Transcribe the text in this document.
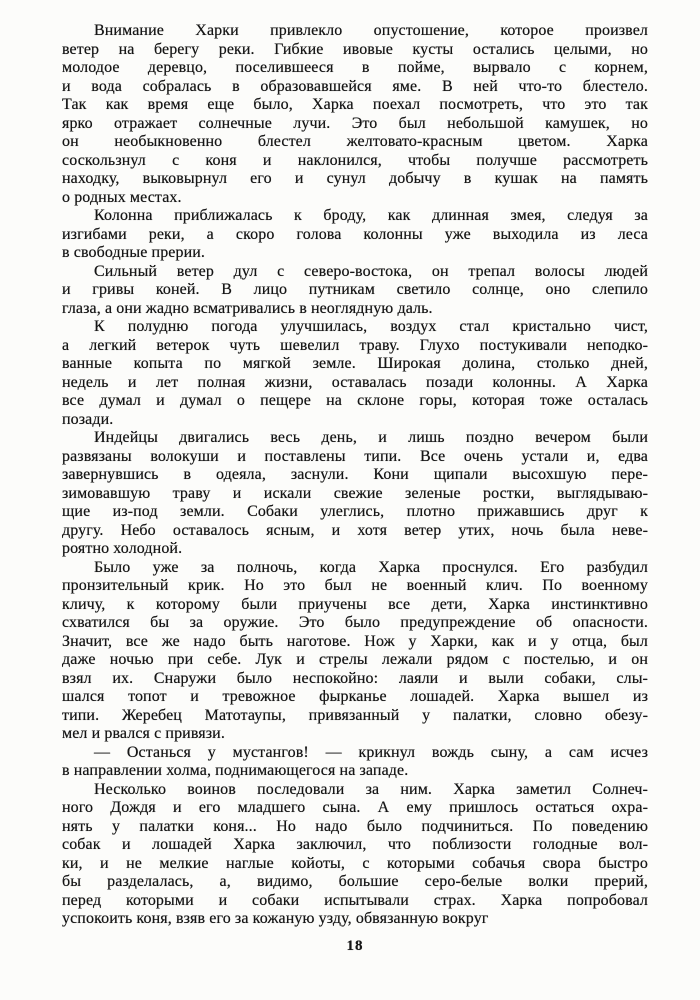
Внимание Харки привлекло опустошение, которое произвел
ветер на берегу реки. Гибкие ивовые кусты остались целыми, но
молодое деревцо, поселившееся в пойме, вырвало с корнем,
и вода собралась в образовавшейся яме. В ней что-то блестело.
Так как время еще было, Харка поехал посмотреть, что это так
ярко отражает солнечные лучи. Это был небольшой камушек, но
он необыкновенно блестел желтовато-красным цветом. Харка
соскользнул с коня и наклонился, чтобы получше рассмотреть
находку, выковырнул его и сунул добычу в кушак на память
о родных местах.
Колонна приближалась к броду, как длинная змея, следуя за
изгибами реки, а скоро голова колонны уже выходила из леса
в свободные прерии.
Сильный ветер дул с северо-востока, он трепал волосы людей
и гривы коней. В лицо путникам светило солнце, оно слепило
глаза, а они жадно всматривались в неоглядную даль.
К полудню погода улучшилась, воздух стал кристально чист,
а легкий ветерок чуть шевелил траву. Глухо постукивали неподко-
ванные копыта по мягкой земле. Широкая долина, столько дней,
недель и лет полная жизни, оставалась позади колонны. А Харка
все думал и думал о пещере на склоне горы, которая тоже осталась
позади.
Индейцы двигались весь день, и лишь поздно вечером были
развязаны волокуши и поставлены типи. Все очень устали и, едва
завернувшись в одеяла, заснули. Кони щипали высохшую пере-
зимовавшую траву и искали свежие зеленые ростки, выглядываю-
щие из-под земли. Собаки улеглись, плотно прижавшись друг к
другу. Небо оставалось ясным, и хотя ветер утих, ночь была неве-
роятно холодной.
Было уже за полночь, когда Харка проснулся. Его разбудил
пронзительный крик. Но это был не военный клич. По военному
кличу, к которому были приучены все дети, Харка инстинктивно
схватился бы за оружие. Это было предупреждение об опасности.
Значит, все же надо быть наготове. Нож у Харки, как и у отца, был
даже ночью при себе. Лук и стрелы лежали рядом с постелью, и он
взял их. Снаружи было неспокойно: лаяли и выли собаки, слы-
шался топот и тревожное фырканье лошадей. Харка вышел из
типи. Жеребец Матотаупы, привязанный у палатки, словно обезу-
мел и рвался с привязи.
— Останься у мустангов! — крикнул вождь сыну, а сам исчез
в направлении холма, поднимающегося на западе.
Несколько воинов последовали за ним. Харка заметил Солнеч-
ного Дождя и его младшего сына. А ему пришлось остаться охра-
нять у палатки коня... Но надо было подчиниться. По поведению
собак и лошадей Харка заключил, что поблизости голодные вол-
ки, и не мелкие наглые койоты, с которыми собачья свора быстро
бы разделалась, а, видимо, большие серо-белые волки прерий,
перед которыми и собаки испытывали страх. Харка попробовал
успокоить коня, взяв его за кожаную узду, обвязанную вокруг
18
